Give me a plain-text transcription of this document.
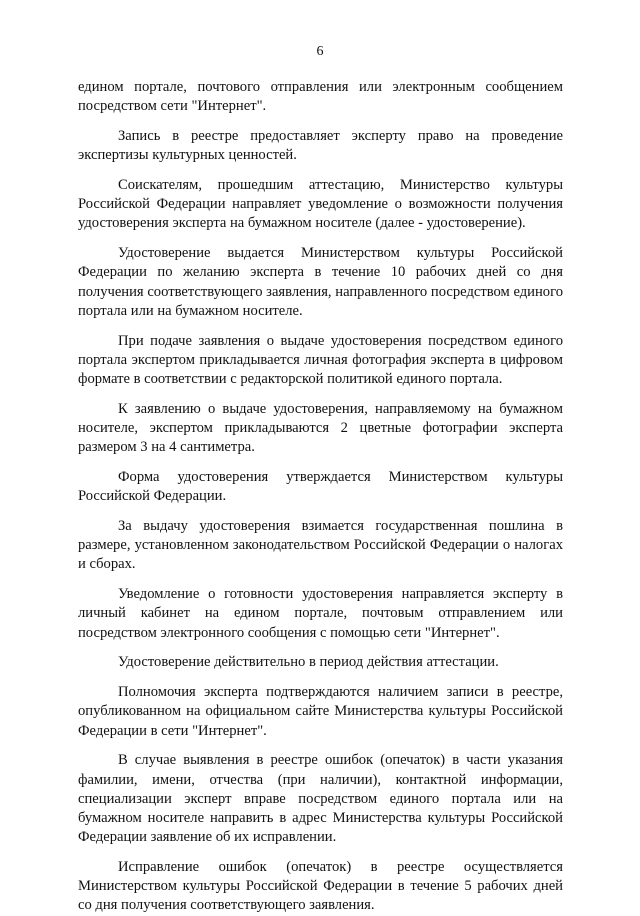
6

едином портале, почтового отправления или электронным сообщением посредством сети "Интернет".

Запись в реестре предоставляет эксперту право на проведение экспертизы культурных ценностей.

Соискателям, прошедшим аттестацию, Министерство культуры Российской Федерации направляет уведомление о возможности получения удостоверения эксперта на бумажном носителе (далее - удостоверение).

Удостоверение выдается Министерством культуры Российской Федерации по желанию эксперта в течение 10 рабочих дней со дня получения соответствующего заявления, направленного посредством единого портала или на бумажном носителе.

При подаче заявления о выдаче удостоверения посредством единого портала экспертом прикладывается личная фотография эксперта в цифровом формате в соответствии с редакторской политикой единого портала.

К заявлению о выдаче удостоверения, направляемому на бумажном носителе, экспертом прикладываются 2 цветные фотографии эксперта размером 3 на 4 сантиметра.

Форма удостоверения утверждается Министерством культуры Российской Федерации.

За выдачу удостоверения взимается государственная пошлина в размере, установленном законодательством Российской Федерации о налогах и сборах.

Уведомление о готовности удостоверения направляется эксперту в личный кабинет на едином портале, почтовым отправлением или посредством электронного сообщения с помощью сети "Интернет".

Удостоверение действительно в период действия аттестации.

Полномочия эксперта подтверждаются наличием записи в реестре, опубликованном на официальном сайте Министерства культуры Российской Федерации в сети "Интернет".

В случае выявления в реестре ошибок (опечаток) в части указания фамилии, имени, отчества (при наличии), контактной информации, специализации эксперт вправе посредством единого портала или на бумажном носителе направить в адрес Министерства культуры Российской Федерации заявление об их исправлении.

Исправление ошибок (опечаток) в реестре осуществляется Министерством культуры Российской Федерации в течение 5 рабочих дней со дня получения соответствующего заявления.
